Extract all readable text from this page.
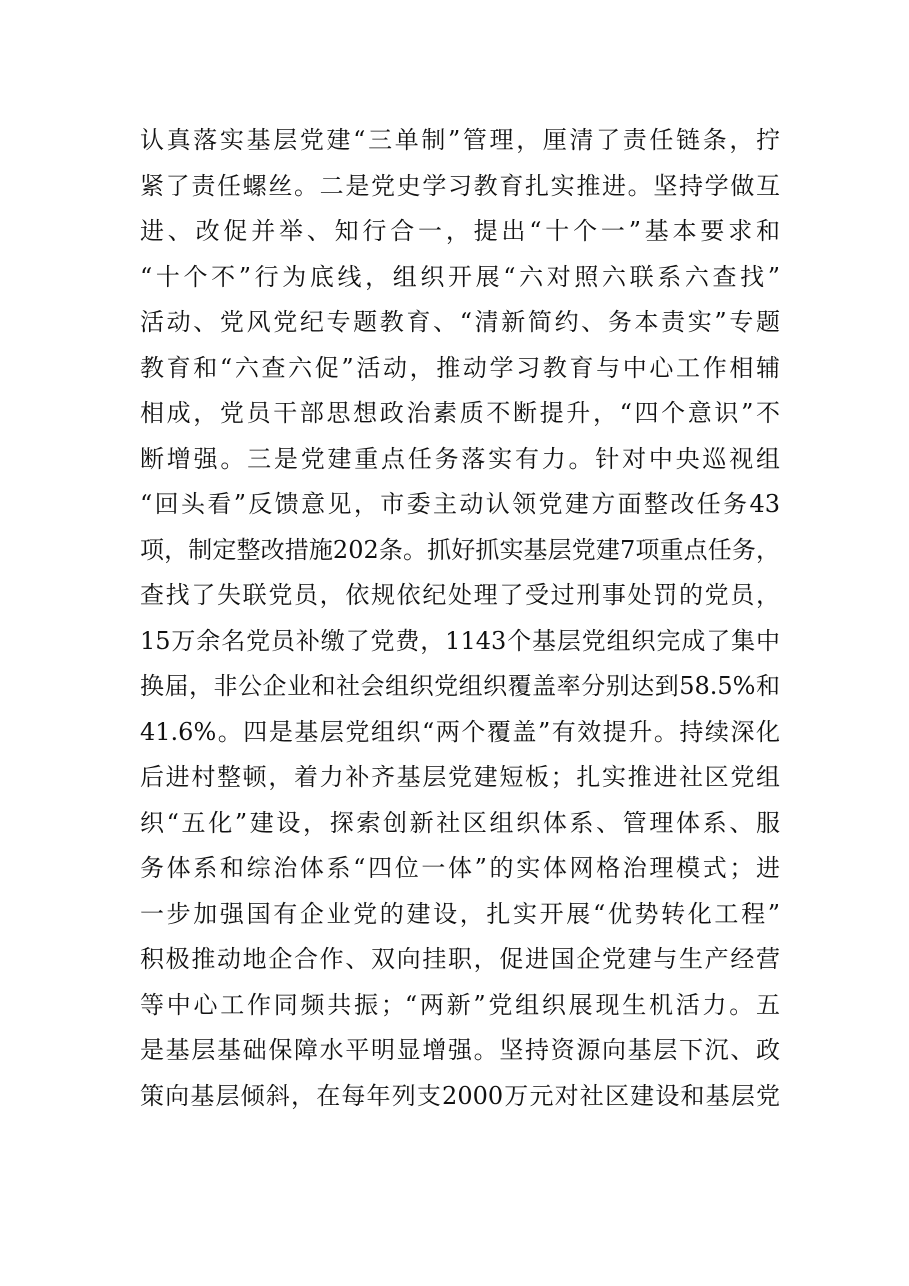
认真落实基层党建“三单制”管理，厘清了责任链条，拧
紧了责任螺丝。二是党史学习教育扎实推进。坚持学做互
进、改促并举、知行合一，提出“十个一”基本要求和
“十个不”行为底线，组织开展“六对照六联系六查找”
活动、党风党纪专题教育、“清新简约、务本责实”专题
教育和“六查六促”活动，推动学习教育与中心工作相辅
相成，党员干部思想政治素质不断提升，“四个意识”不
断增强。三是党建重点任务落实有力。针对中央巡视组
“回头看”反馈意见，市委主动认领党建方面整改任务43
项，制定整改措施202条。抓好抓实基层党建7项重点任务，
查找了失联党员，依规依纪处理了受过刑事处罚的党员，
15万余名党员补缴了党费，1143个基层党组织完成了集中
换届，非公企业和社会组织党组织覆盖率分别达到58.5%和
41.6%。四是基层党组织“两个覆盖”有效提升。持续深化
后进村整顿，着力补齐基层党建短板；扎实推进社区党组
织“五化”建设，探索创新社区组织体系、管理体系、服
务体系和综治体系“四位一体”的实体网格治理模式；进
一步加强国有企业党的建设，扎实开展“优势转化工程”
积极推动地企合作、双向挂职，促进国企党建与生产经营
等中心工作同频共振；“两新”党组织展现生机活力。五
是基层基础保障水平明显增强。坚持资源向基层下沉、政
策向基层倾斜，在每年列支2000万元对社区建设和基层党
